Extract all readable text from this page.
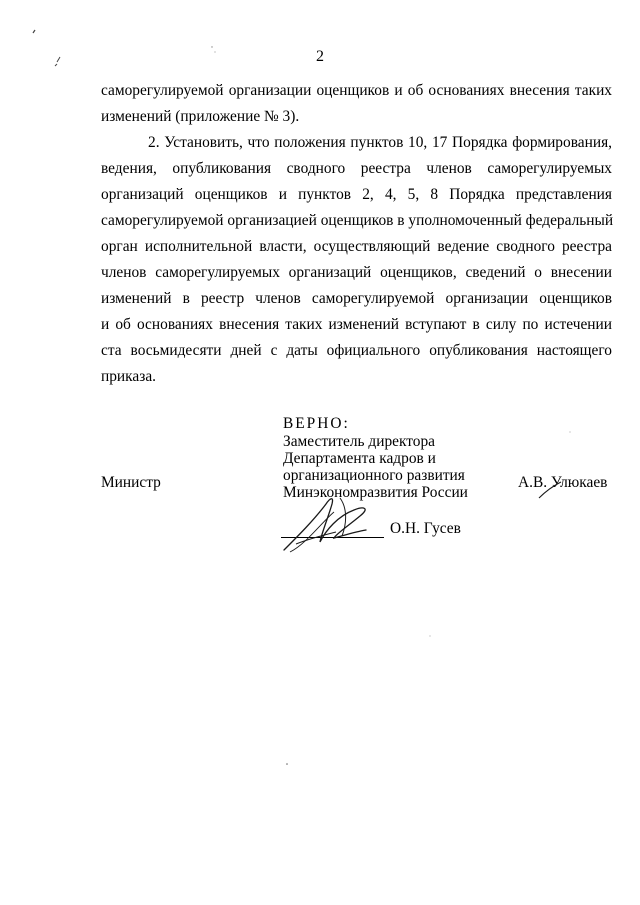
2
саморегулируемой организации оценщиков и об основаниях внесения таких
изменений (приложение № 3).
2. Установить, что положения пунктов 10, 17 Порядка формирования,
ведения, опубликования сводного реестра членов саморегулируемых
организаций оценщиков и пунктов 2, 4, 5, 8 Порядка представления
саморегулируемой организацией оценщиков в уполномоченный федеральный
орган исполнительной власти, осуществляющий ведение сводного реестра
членов саморегулируемых организаций оценщиков, сведений о внесении
изменений в реестр членов саморегулируемой организации оценщиков
и об основаниях внесения таких изменений вступают в силу по истечении
ста восьмидесяти дней с даты официального опубликования настоящего
приказа.
ВЕРНО:
Заместитель директора
Департамента кадров и
организационного развития
Минэкономразвития России
Министр	А.В. Улюкаев
О.Н. Гусев
